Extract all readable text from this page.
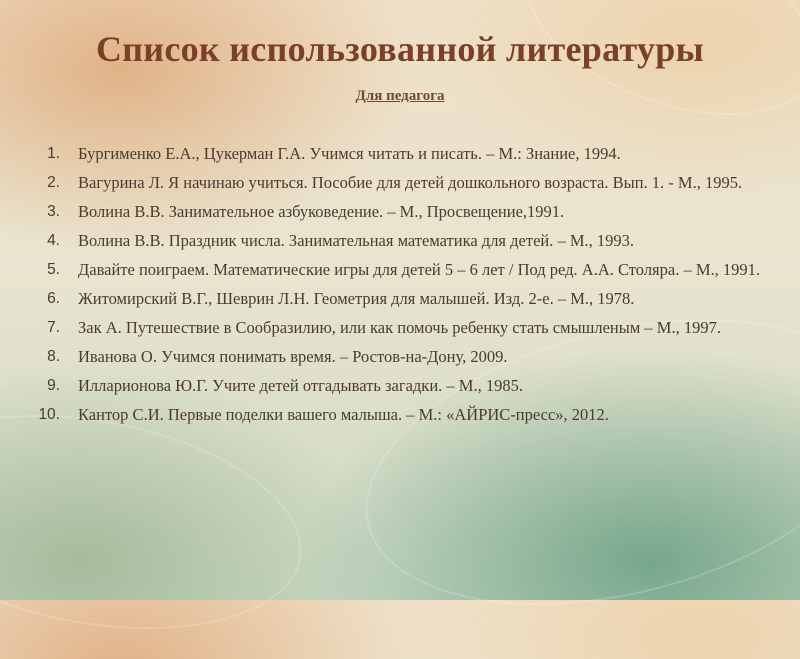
Список использованной литературы
Для педагога
1. Бургименко Е.А., Цукерман Г.А. Учимся читать и писать. – М.: Знание, 1994.
2. Вагурина Л. Я начинаю учиться. Пособие для детей дошкольного возраста. Вып. 1. - М., 1995.
3. Волина В.В. Занимательное азбуковедение. – М., Просвещение,1991.
4. Волина В.В. Праздник числа. Занимательная математика для детей. – М., 1993.
5. Давайте поиграем. Математические игры для детей 5 – 6 лет / Под ред. А.А. Столяра. – М., 1991.
6. Житомирский В.Г., Шеврин Л.Н. Геометрия для малышей. Изд. 2-е. – М., 1978.
7. Зак А. Путешествие в Сообразилию, или как помочь ребенку стать смышленым – М., 1997.
8. Иванова О. Учимся понимать время. – Ростов-на-Дону, 2009.
9. Илларионова Ю.Г. Учите детей отгадывать загадки. – М., 1985.
10. Кантор С.И. Первые поделки вашего малыша. – М.: «АЙРИС-пресс», 2012.
